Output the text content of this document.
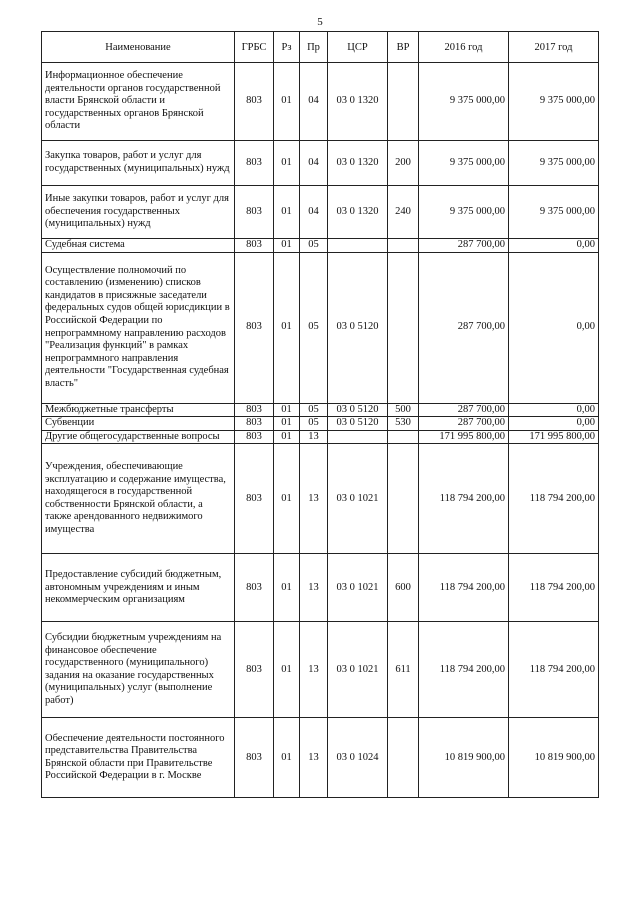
5
Наименование	ГРБС	Рз	Пр	ЦСР	ВР	2016 год	2017 год
Информационное обеспечение деятельности органов государственной власти Брянской области и государственных органов Брянской области	803	01	04	03 0 1320		9 375 000,00	9 375 000,00
Закупка товаров, работ и услуг для государственных (муниципальных) нужд	803	01	04	03 0 1320	200	9 375 000,00	9 375 000,00
Иные закупки товаров, работ и услуг для обеспечения государственных (муниципальных) нужд	803	01	04	03 0 1320	240	9 375 000,00	9 375 000,00
Судебная система	803	01	05			287 700,00	0,00
Осуществление полномочий по составлению (изменению) списков кандидатов в присяжные заседатели федеральных судов общей юрисдикции в Российской Федерации по непрограммному направлению расходов "Реализация функций" в рамках непрограммного направления деятельности "Государственная судебная власть"	803	01	05	03 0 5120		287 700,00	0,00
Межбюджетные трансферты	803	01	05	03 0 5120	500	287 700,00	0,00
Субвенции	803	01	05	03 0 5120	530	287 700,00	0,00
Другие общегосударственные вопросы	803	01	13			171 995 800,00	171 995 800,00
Учреждения, обеспечивающие эксплуатацию и содержание имущества, находящегося в государственной собственности Брянской области, а также арендованного недвижимого имущества	803	01	13	03 0 1021		118 794 200,00	118 794 200,00
Предоставление субсидий бюджетным, автономным учреждениям и иным некоммерческим организациям	803	01	13	03 0 1021	600	118 794 200,00	118 794 200,00
Субсидии бюджетным учреждениям на финансовое обеспечение государственного (муниципального) задания на оказание государственных (муниципальных) услуг (выполнение работ)	803	01	13	03 0 1021	611	118 794 200,00	118 794 200,00
Обеспечение деятельности постоянного представительства Правительства Брянской области при Правительстве Российской Федерации в г. Москве	803	01	13	03 0 1024		10 819 900,00	10 819 900,00
